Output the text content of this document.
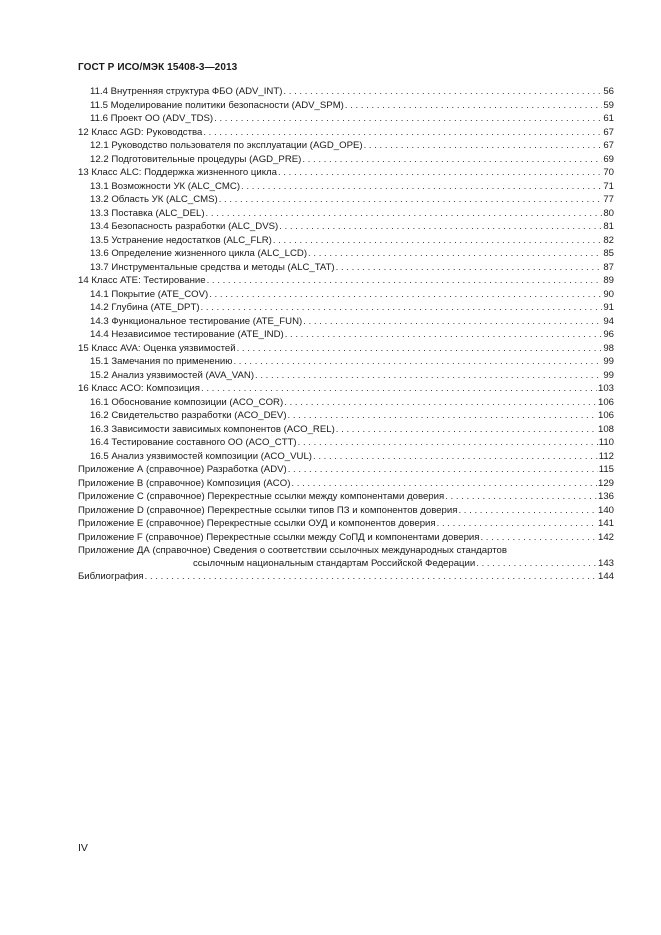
ГОСТ Р ИСО/МЭК 15408-3—2013
11.4 Внутренняя структура ФБО (ADV_INT) . . .	56
11.5 Моделирование политики безопасности (ADV_SPM) . . .	59
11.6 Проект ОО (ADV_TDS) . . .	61
12 Класс AGD: Руководства . . .	67
12.1 Руководство пользователя по эксплуатации (AGD_OPE) . . .	67
12.2 Подготовительные процедуры (AGD_PRE) . . .	69
13 Класс ALC: Поддержка жизненного цикла . . .	70
13.1 Возможности УК (ALC_CMC) . . .	71
13.2 Область УК (ALC_CMS) . . .	77
13.3 Поставка (ALC_DEL) . . .	80
13.4 Безопасность разработки (ALC_DVS) . . .	81
13.5 Устранение недостатков (ALC_FLR) . . .	82
13.6 Определение жизненного цикла (ALC_LCD) . . .	85
13.7 Инструментальные средства и методы (ALC_TAT) . . .	87
14 Класс ATE: Тестирование . . .	89
14.1 Покрытие (ATE_COV) . . .	90
14.2 Глубина (ATE_DPT) . . .	91
14.3 Функциональное тестирование (ATE_FUN) . . .	94
14.4 Независимое тестирование (ATE_IND) . . .	96
15 Класс AVA: Оценка уязвимостей . . .	98
15.1 Замечания по применению . . .	99
15.2 Анализ уязвимостей (AVA_VAN) . . .	99
16 Класс ACO: Композиция . . .	103
16.1 Обоснование композиции (ACO_COR) . . .	106
16.2 Свидетельство разработки (ACO_DEV) . . .	106
16.3 Зависимости зависимых компонентов (ACO_REL) . . .	108
16.4 Тестирование составного ОО (ACO_CTT) . . .	110
16.5 Анализ уязвимостей композиции (ACO_VUL) . . .	112
Приложение А (справочное) Разработка (ADV) . . .	115
Приложение В (справочное) Композиция (ACO) . . .	129
Приложение С (справочное) Перекрестные ссылки между компонентами доверия . . .	136
Приложение D (справочное) Перекрестные ссылки типов ПЗ и компонентов доверия . . .	140
Приложение Е (справочное) Перекрестные ссылки ОУД и компонентов доверия . . .	141
Приложение F (справочное) Перекрестные ссылки между СоПД и компонентами доверия . . .	142
Приложение ДА (справочное) Сведения о соответствии ссылочных международных стандартов
ссылочным национальным стандартам Российской Федерации . . .	143
Библиография . . .	144
IV
